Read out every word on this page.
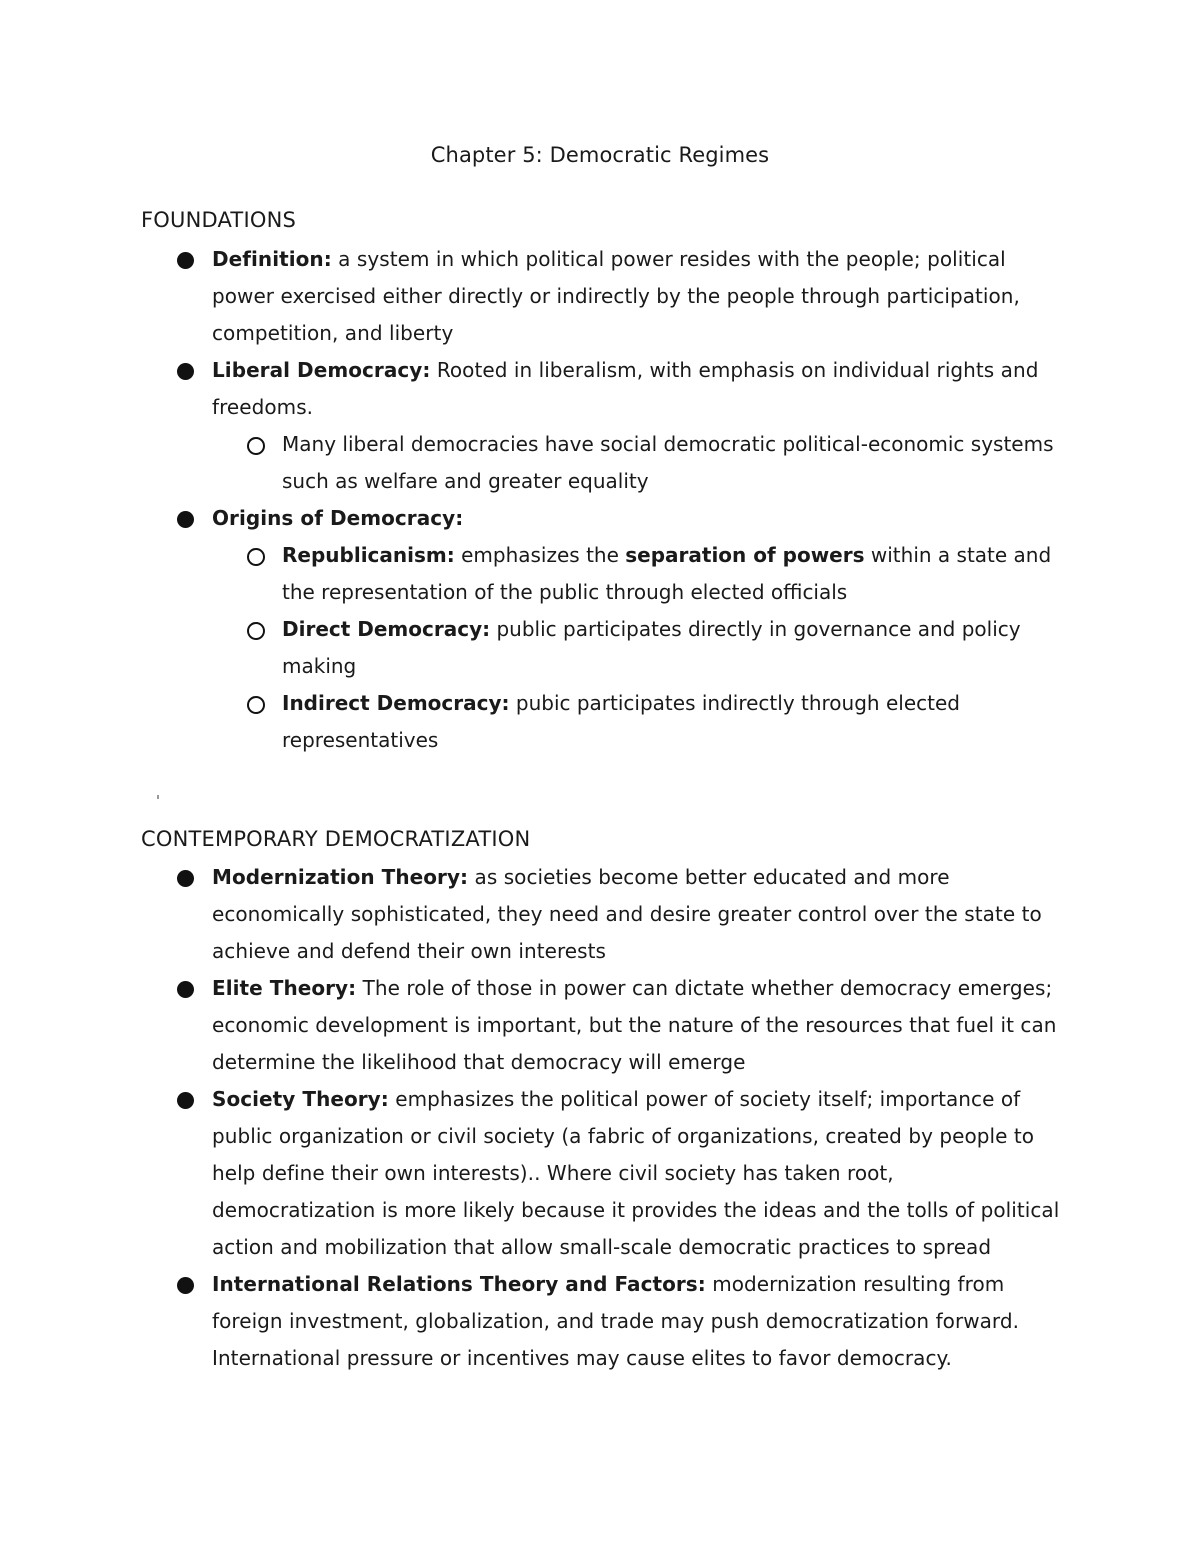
Chapter 5: Democratic Regimes
FOUNDATIONS
Definition: a system in which political power resides with the people; political power exercised either directly or indirectly by the people through participation, competition, and liberty
Liberal Democracy: Rooted in liberalism, with emphasis on individual rights and freedoms.
Many liberal democracies have social democratic political-economic systems such as welfare and greater equality
Origins of Democracy:
Republicanism: emphasizes the separation of powers within a state and the representation of the public through elected officials
Direct Democracy: public participates directly in governance and policy making
Indirect Democracy: pubic participates indirectly through elected representatives
CONTEMPORARY DEMOCRATIZATION
Modernization Theory: as societies become better educated and more economically sophisticated, they need and desire greater control over the state to achieve and defend their own interests
Elite Theory: The role of those in power can dictate whether democracy emerges; economic development is important, but the nature of the resources that fuel it can determine the likelihood that democracy will emerge
Society Theory: emphasizes the political power of society itself; importance of public organization or civil society (a fabric of organizations, created by people to help define their own interests).. Where civil society has taken root, democratization is more likely because it provides the ideas and the tolls of political action and mobilization that allow small-scale democratic practices to spread
International Relations Theory and Factors: modernization resulting from foreign investment, globalization, and trade may push democratization forward. International pressure or incentives may cause elites to favor democracy.
